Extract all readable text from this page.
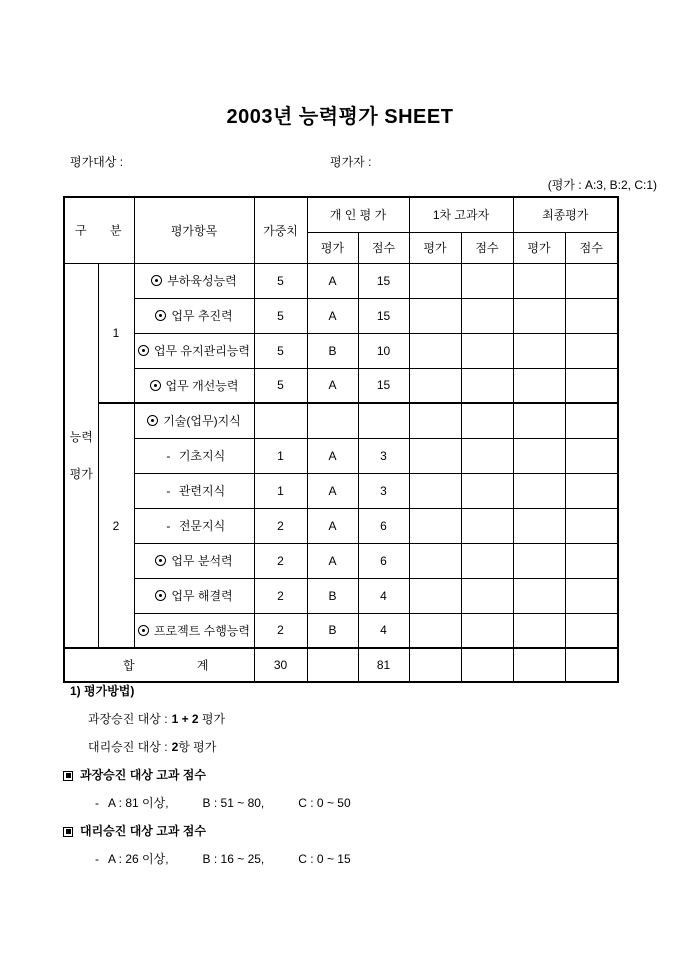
2003년 능력평가 SHEET
평가대상 :	평가자 :
(평가 : A:3, B:2, C:1)
구 분		평가항목	가중치	개 인 평 가		1차 고과자		최종평가	
				평가	점수	평가	점수	평가	점수

능력
평가	1	부하육성능력	5	A	15				
		업무 추진력	5	A	15				
		업무 유지관리능력	5	B	10				
		업무 개선능력	5	A	15				
	2	기술(업무)지식							
		- 기초지식	1	A	3				
		- 관련지식	1	A	3				
		- 전문지식	2	A	6				
		업무 분석력	2	A	6				
		업무 해결력	2	B	4				
		프로젝트 수행능력	2	B	4				

합 계			30		81				
1) 평가방법)
과장승진 대상 : 1 + 2 평가
대리승진 대상 : 2항 평가
과장승진 대상 고과 점수
- A : 81 이상,	B : 51 ~ 80,	C : 0 ~ 50
대리승진 대상 고과 점수
- A : 26 이상,	B : 16 ~ 25,	C : 0 ~ 15
